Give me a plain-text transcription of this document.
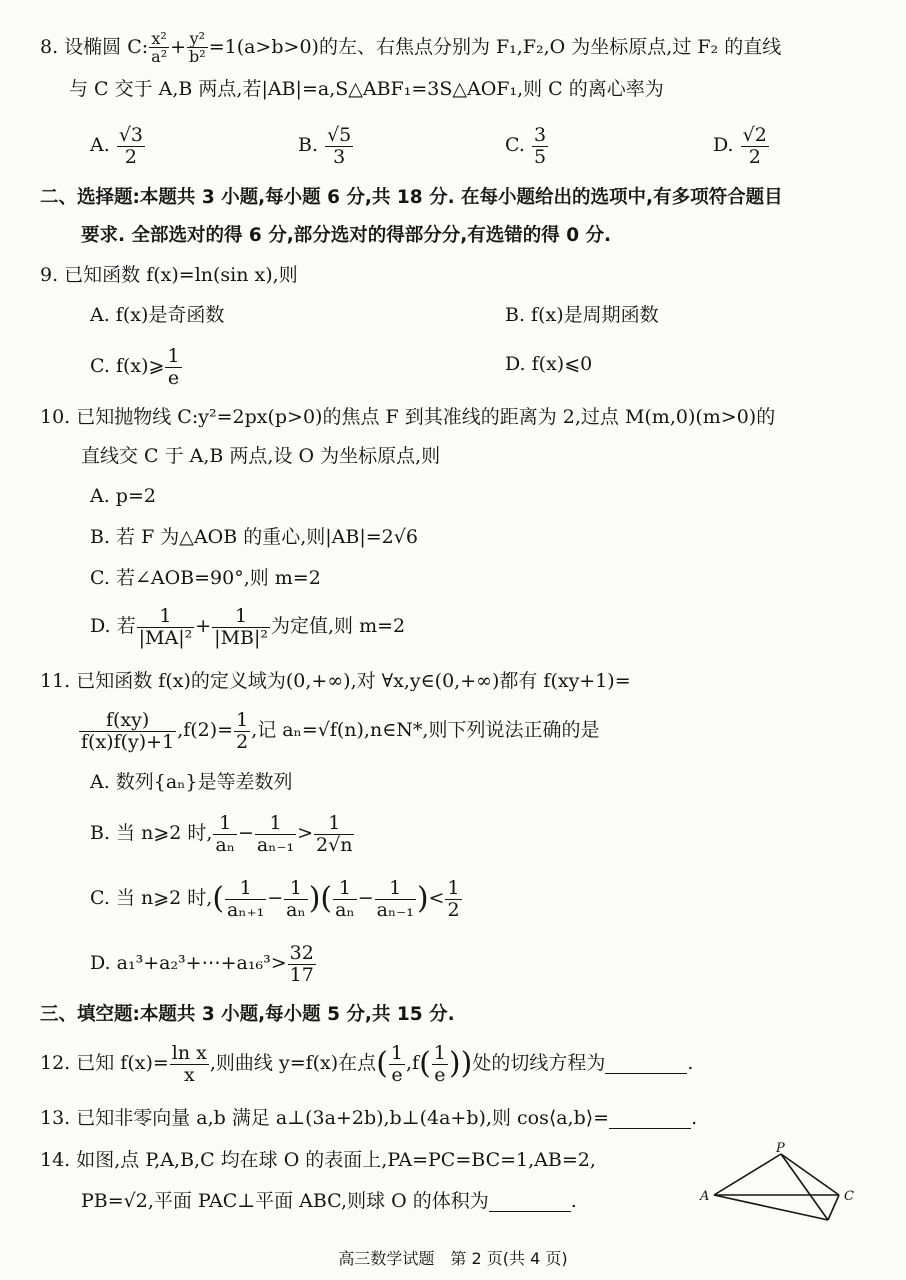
8. 设椭圆 C: $\frac{\text{x²}}{\text{a²}} + \frac{\text{y²}}{\text{b²}} =1(a>b>0)$的左、右焦点分别为 F₁,F₂,O 为坐标原点,过 F₂ 的直线
与 C 交于 A,B 两点,若|AB|=a,S△ABF₁=3S△AOF₁,则 C 的离心率为
A. $\frac{√3}{2}$	B. $\frac{√5}{3}$	C. $\frac{3}{5}$	D. $\frac{√2}{2}$
二、选择题:本题共 3 小题,每小题 6 分,共 18 分. 在每小题给出的选项中,有多项符合题目
要求. 全部选对的得 6 分,部分选对的得部分分,有选错的得 0 分.
9. 已知函数 f(x)=ln(sin x),则
A. f(x)是奇函数	B. f(x)是周期函数
C. f(x)⩾ $\frac{1}{e}$	D. f(x)⩽0
10. 已知抛物线 C:y²=2px(p>0)的焦点 F 到其准线的距离为 2,过点 M(m,0)(m>0)的
直线交 C 于 A,B 两点,设 O 为坐标原点,则
A. p=2
B. 若 F 为△AOB 的重心,则|AB|=2√6
C. 若∠AOB=90°,则 m=2
D. 若 $\frac{1}{\text{|MA|²}} + \frac{1}{\text{|MB|²}}$ 为定值,则 m=2
11. 已知函数 f(x)的定义域为(0,+∞),对 ∀x,y∈(0,+∞)都有 f(xy+1)=
$\frac{f(xy)}{f(x)f(y)+1} ,f(2)= \frac{1}{2}$ ,记 aₙ=√f(n),n∈N*,则下列说法正确的是
A. 数列{aₙ}是等差数列
B. 当 n⩾2 时, $\frac{1}{\text{aₙ}} - \frac{1}{\text{aₙ₋₁}} > \frac{1}{2√n}$
C. 当 n⩾2 时,( $\frac{1}{\text{aₙ₊₁}} - \frac{1}{\text{aₙ}}$ )( $\frac{1}{\text{aₙ}} - \frac{1}{\text{aₙ₋₁}}$ )< $\frac{1}{2}$
D. a₁³+a₂³+⋯+a₁₆³> $\frac{32}{17}$
三、填空题:本题共 3 小题,每小题 5 分,共 15 分.
12. 已知 $f(x)= \frac{\text{ln x}}{x}$ ,则曲线 y=f(x)在点( $\frac{1}{e} ,f( \frac{1}{e}$ ))处的切线方程为	.
13. 已知非零向量 a,b 满足 a⊥(3a+2b),b⊥(4a+b),则 cos⟨a,b⟩=	.
14. 如图,点 P,A,B,C 均在球 O 的表面上,PA=PC=BC=1,AB=2,
PB=√2,平面 PAC⊥平面 ABC,则球 O 的体积为	.
P
A	C
高三数学试题　第 2 页(共 4 页)
